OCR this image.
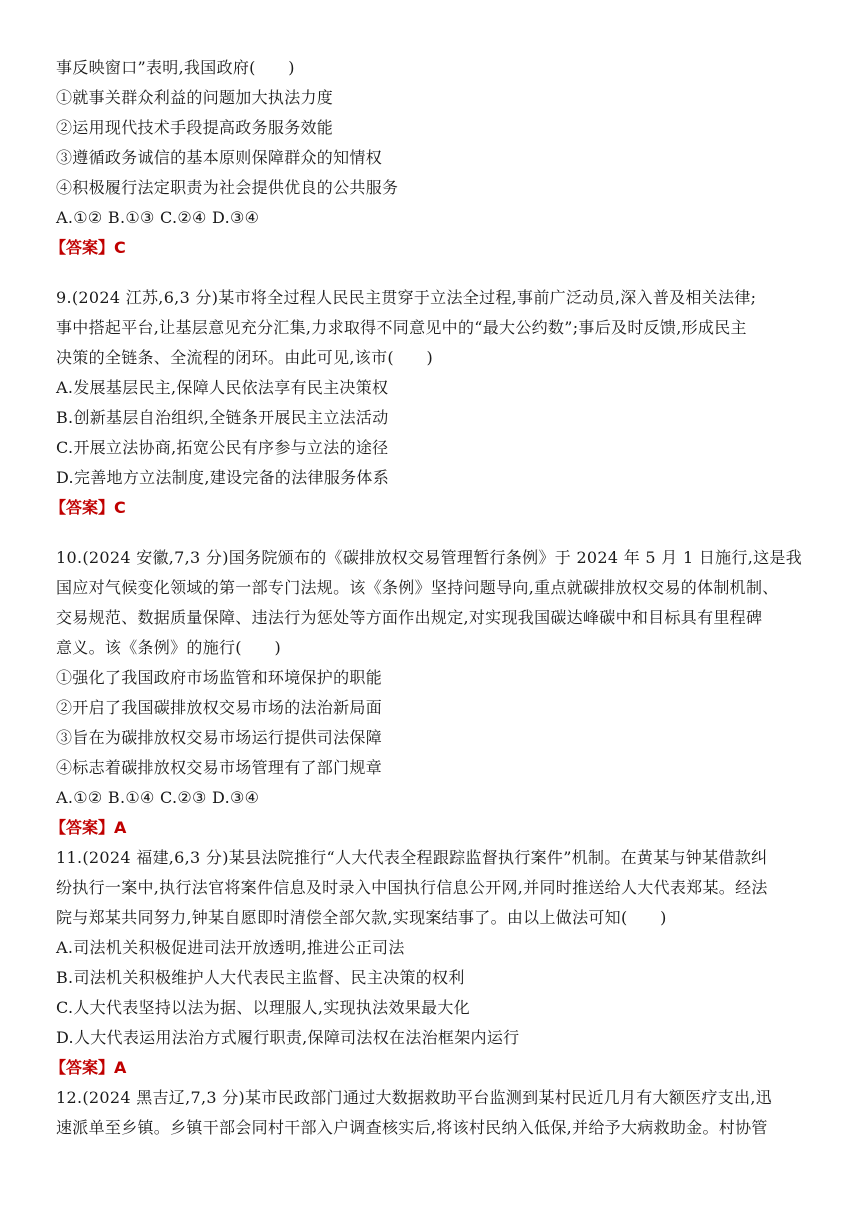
事反映窗口”表明,我国政府(　　)
①就事关群众利益的问题加大执法力度
②运用现代技术手段提高政务服务效能
③遵循政务诚信的基本原则保障群众的知情权
④积极履行法定职责为社会提供优良的公共服务
A.①② B.①③ C.②④ D.③④
【答案】C
9.(2024 江苏,6,3 分)某市将全过程人民民主贯穿于立法全过程,事前广泛动员,深入普及相关法律;
事中搭起平台,让基层意见充分汇集,力求取得不同意见中的“最大公约数”;事后及时反馈,形成民主
决策的全链条、全流程的闭环。由此可见,该市(　　)
A.发展基层民主,保障人民依法享有民主决策权
B.创新基层自治组织,全链条开展民主立法活动
C.开展立法协商,拓宽公民有序参与立法的途径
D.完善地方立法制度,建设完备的法律服务体系
【答案】C
10.(2024 安徽,7,3 分)国务院颁布的《碳排放权交易管理暂行条例》于 2024 年 5 月 1 日施行,这是我
国应对气候变化领域的第一部专门法规。该《条例》坚持问题导向,重点就碳排放权交易的体制机制、
交易规范、数据质量保障、违法行为惩处等方面作出规定,对实现我国碳达峰碳中和目标具有里程碑
意义。该《条例》的施行(　　)
①强化了我国政府市场监管和环境保护的职能
②开启了我国碳排放权交易市场的法治新局面
③旨在为碳排放权交易市场运行提供司法保障
④标志着碳排放权交易市场管理有了部门规章
A.①② B.①④ C.②③ D.③④
【答案】A
11.(2024 福建,6,3 分)某县法院推行“人大代表全程跟踪监督执行案件”机制。在黄某与钟某借款纠
纷执行一案中,执行法官将案件信息及时录入中国执行信息公开网,并同时推送给人大代表郑某。经法
院与郑某共同努力,钟某自愿即时清偿全部欠款,实现案结事了。由以上做法可知(　　)
A.司法机关积极促进司法开放透明,推进公正司法
B.司法机关积极维护人大代表民主监督、民主决策的权利
C.人大代表坚持以法为据、以理服人,实现执法效果最大化
D.人大代表运用法治方式履行职责,保障司法权在法治框架内运行
【答案】A
12.(2024 黑吉辽,7,3 分)某市民政部门通过大数据救助平台监测到某村民近几月有大额医疗支出,迅
速派单至乡镇。乡镇干部会同村干部入户调查核实后,将该村民纳入低保,并给予大病救助金。村协管
